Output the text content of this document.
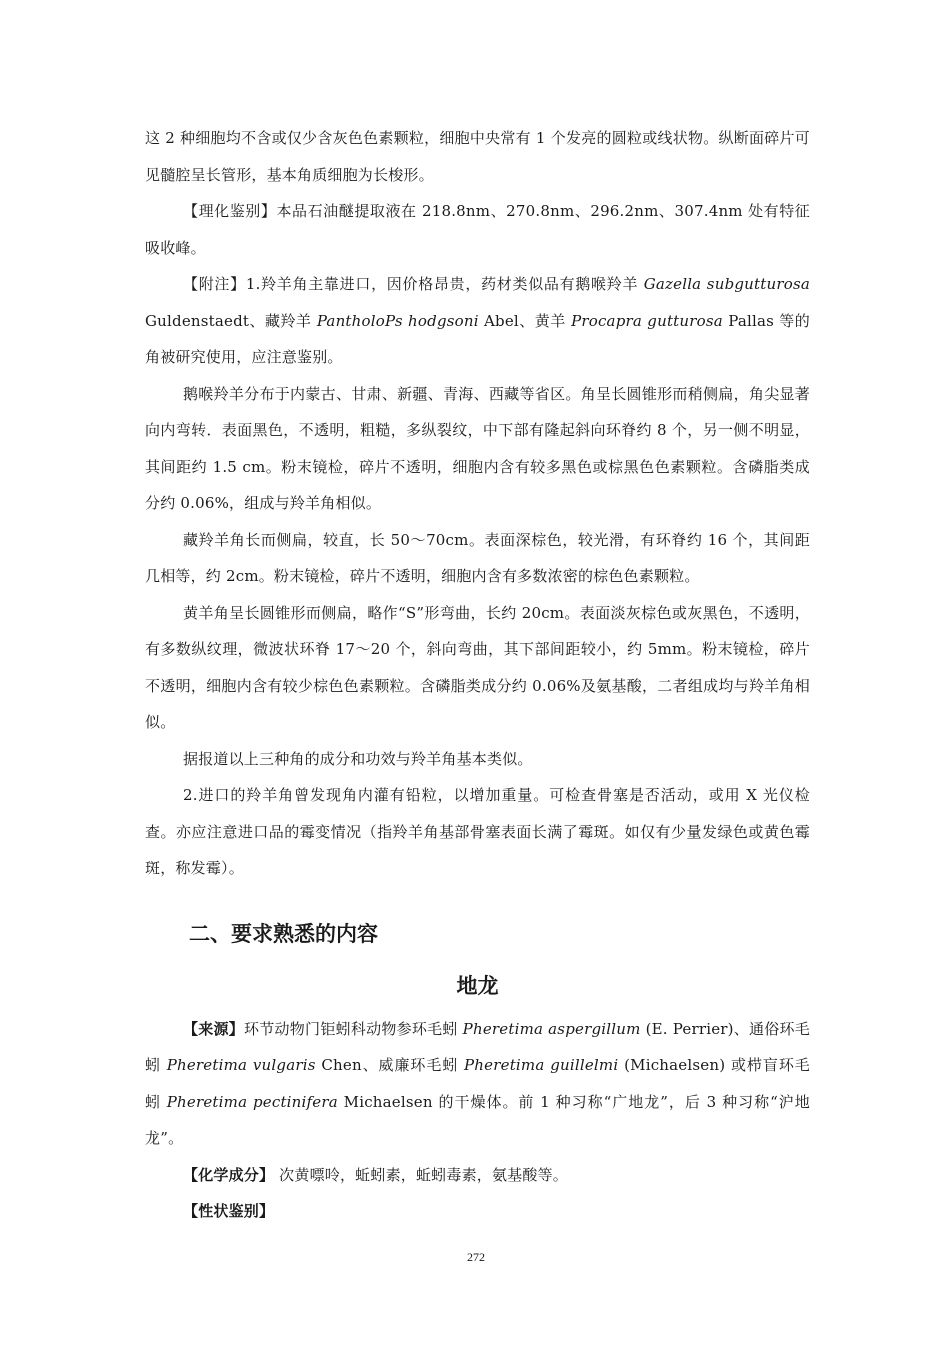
这 2 种细胞均不含或仅少含灰色色素颗粒，细胞中央常有 1 个发亮的圆粒或线状物。纵断面碎片可见髓腔呈长管形，基本角质细胞为长梭形。

【理化鉴别】本品石油醚提取液在 218.8nm、270.8nm、296.2nm、307.4nm 处有特征吸收峰。

【附注】1.羚羊角主靠进口，因价格昂贵，药材类似品有鹅喉羚羊 Gazella subgutturosa Guldenstaedt、藏羚羊 PantholoPs hodgsoni Abel、黄羊 Procapra gutturosa Pallas 等的角被研究使用，应注意鉴别。

鹅喉羚羊分布于内蒙古、甘肃、新疆、青海、西藏等省区。角呈长圆锥形而稍侧扁，角尖显著向内弯转．表面黑色，不透明，粗糙，多纵裂纹，中下部有隆起斜向环脊约 8 个，另一侧不明显，其间距约 1.5 cm。粉末镜检，碎片不透明，细胞内含有较多黑色或棕黑色色素颗粒。含磷脂类成分约 0.06%，组成与羚羊角相似。

藏羚羊角长而侧扁，较直，长 50～70cm。表面深棕色，较光滑，有环脊约 16 个，其间距几相等，约 2cm。粉末镜检，碎片不透明，细胞内含有多数浓密的棕色色素颗粒。

黄羊角呈长圆锥形而侧扁，略作“S”形弯曲，长约 20cm。表面淡灰棕色或灰黑色，不透明，有多数纵纹理，微波状环脊 17～20 个，斜向弯曲，其下部间距较小，约 5mm。粉末镜检，碎片不透明，细胞内含有较少棕色色素颗粒。含磷脂类成分约 0.06%及氨基酸，二者组成均与羚羊角相似。

据报道以上三种角的成分和功效与羚羊角基本类似。

2.进口的羚羊角曾发现角内灌有铅粒，以增加重量。可检查骨塞是否活动，或用 X 光仪检查。亦应注意进口品的霉变情况（指羚羊角基部骨塞表面长满了霉斑。如仅有少量发绿色或黄色霉斑，称发霉）。

二、要求熟悉的内容
地龙

【来源】环节动物门钜蚓科动物参环毛蚓 Pheretima aspergillum (E. Perrier)、通俗环毛蚓 Pheretima vulgaris Chen、威廉环毛蚓 Pheretima guillelmi (Michaelsen) 或栉盲环毛蚓 Pheretima pectinifera Michaelsen 的干燥体。前 1 种习称“广地龙”，后 3 种习称“沪地龙”。

【化学成分】 次黄嘌呤，蚯蚓素，蚯蚓毒素，氨基酸等。

【性状鉴别】

272
